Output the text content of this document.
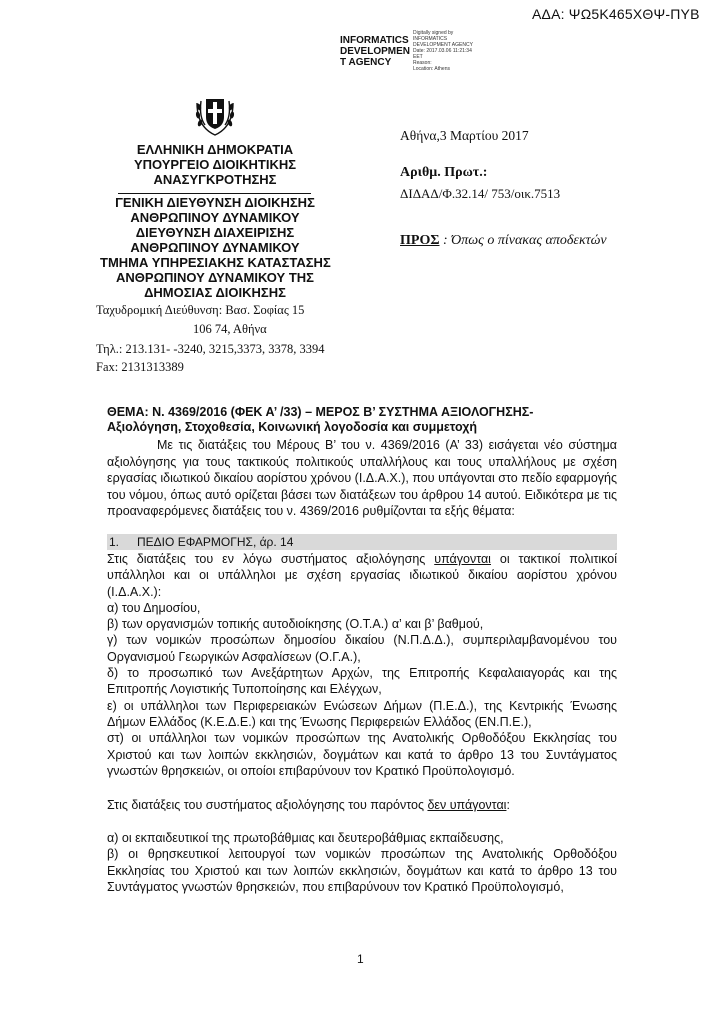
ΑΔΑ: ΨΩ5Κ465ΧΘΨ-ΠΥΒ
INFORMATICS
DEVELOPMEN
T AGENCY
Digitally signed by
INFORMATICS
DEVELOPMENT AGENCY
Date: 2017.03.06 11:21:34
EET
Reason:
Location: Athens
ΕΛΛΗΝΙΚΗ ΔΗΜΟΚΡΑΤΙΑ
ΥΠΟΥΡΓΕΙΟ ΔΙΟΙΚΗΤΙΚΗΣ
ΑΝΑΣΥΓΚΡΟΤΗΣΗΣ
ΓΕΝΙΚΗ ΔΙΕΥΘΥΝΣΗ ΔΙΟΙΚΗΣΗΣ
ΑΝΘΡΩΠΙΝΟΥ ΔΥΝΑΜΙΚΟΥ
ΔΙΕΥΘΥΝΣΗ ΔΙΑΧΕΙΡΙΣΗΣ
ΑΝΘΡΩΠΙΝΟΥ ΔΥΝΑΜΙΚΟΥ
ΤΜΗΜΑ ΥΠΗΡΕΣΙΑΚΗΣ ΚΑΤΑΣΤΑΣΗΣ
ΑΝΘΡΩΠΙΝΟΥ ΔΥΝΑΜΙΚΟΥ ΤΗΣ
ΔΗΜΟΣΙΑΣ ΔΙΟΙΚΗΣΗΣ
Ταχυδρομική Διεύθυνση: Βασ. Σοφίας 15
106 74, Αθήνα
Τηλ.: 213.131- -3240, 3215,3373, 3378, 3394
Fax: 2131313389
Αθήνα,3 Μαρτίου 2017
Αριθμ. Πρωτ.:
ΔΙΔΑΔ/Φ.32.14/ 753/οικ.7513
ΠΡΟΣ : Όπως ο πίνακας αποδεκτών
ΘΕΜΑ: Ν. 4369/2016 (ΦΕΚ Α’ /33) – ΜΕΡΟΣ Β’ ΣΥΣΤΗΜΑ ΑΞΙΟΛΟΓΗΣΗΣ-
Αξιολόγηση, Στοχοθεσία, Κοινωνική λογοδοσία και συμμετοχή
Με τις διατάξεις του Μέρους Β’ του ν. 4369/2016 (Α’ 33) εισάγεται νέο σύστημα αξιολόγησης για τους τακτικούς πολιτικούς υπαλλήλους και τους υπαλλήλους με σχέση εργασίας ιδιωτικού δικαίου αορίστου χρόνου (Ι.Δ.Α.Χ.), που υπάγονται στο πεδίο εφαρμογής του νόμου, όπως αυτό ορίζεται βάσει των διατάξεων του άρθρου 14 αυτού. Ειδικότερα με τις προαναφερόμενες διατάξεις του ν. 4369/2016 ρυθμίζονται τα εξής θέματα:
1. ΠΕΔΙΟ ΕΦΑΡΜΟΓΗΣ, άρ. 14
Στις διατάξεις του εν λόγω συστήματος αξιολόγησης υπάγονται οι τακτικοί πολιτικοί υπάλληλοι και οι υπάλληλοι με σχέση εργασίας ιδιωτικού δικαίου αορίστου χρόνου (Ι.Δ.Α.Χ.):
α) του Δημοσίου,
β) των οργανισμών τοπικής αυτοδιοίκησης (Ο.Τ.Α.) α’ και β’ βαθμού,
γ) των νομικών προσώπων δημοσίου δικαίου (Ν.Π.Δ.Δ.), συμπεριλαμβανομένου του Οργανισμού Γεωργικών Ασφαλίσεων (Ο.Γ.Α.),
δ) το προσωπικό των Ανεξάρτητων Αρχών, της Επιτροπής Κεφαλαιαγοράς και της Επιτροπής Λογιστικής Τυποποίησης και Ελέγχων,
ε) οι υπάλληλοι των Περιφερειακών Ενώσεων Δήμων (Π.Ε.Δ.), της Κεντρικής Ένωσης Δήμων Ελλάδος (Κ.Ε.Δ.Ε.) και της Ένωσης Περιφερειών Ελλάδος (ΕΝ.Π.Ε.),
στ) οι υπάλληλοι των νομικών προσώπων της Ανατολικής Ορθοδόξου Εκκλησίας του Χριστού και των λοιπών εκκλησιών, δογμάτων και κατά το άρθρο 13 του Συντάγματος γνωστών θρησκειών, οι οποίοι επιβαρύνουν τον Κρατικό Προϋπολογισμό.
Στις διατάξεις του συστήματος αξιολόγησης του παρόντος δεν υπάγονται:
α) οι εκπαιδευτικοί της πρωτοβάθμιας και δευτεροβάθμιας εκπαίδευσης,
β) οι θρησκευτικοί λειτουργοί των νομικών προσώπων της Ανατολικής Ορθοδόξου Εκκλησίας του Χριστού και των λοιπών εκκλησιών, δογμάτων και κατά το άρθρο 13 του Συντάγματος γνωστών θρησκειών, που επιβαρύνουν τον Κρατικό Προϋπολογισμό,
1
